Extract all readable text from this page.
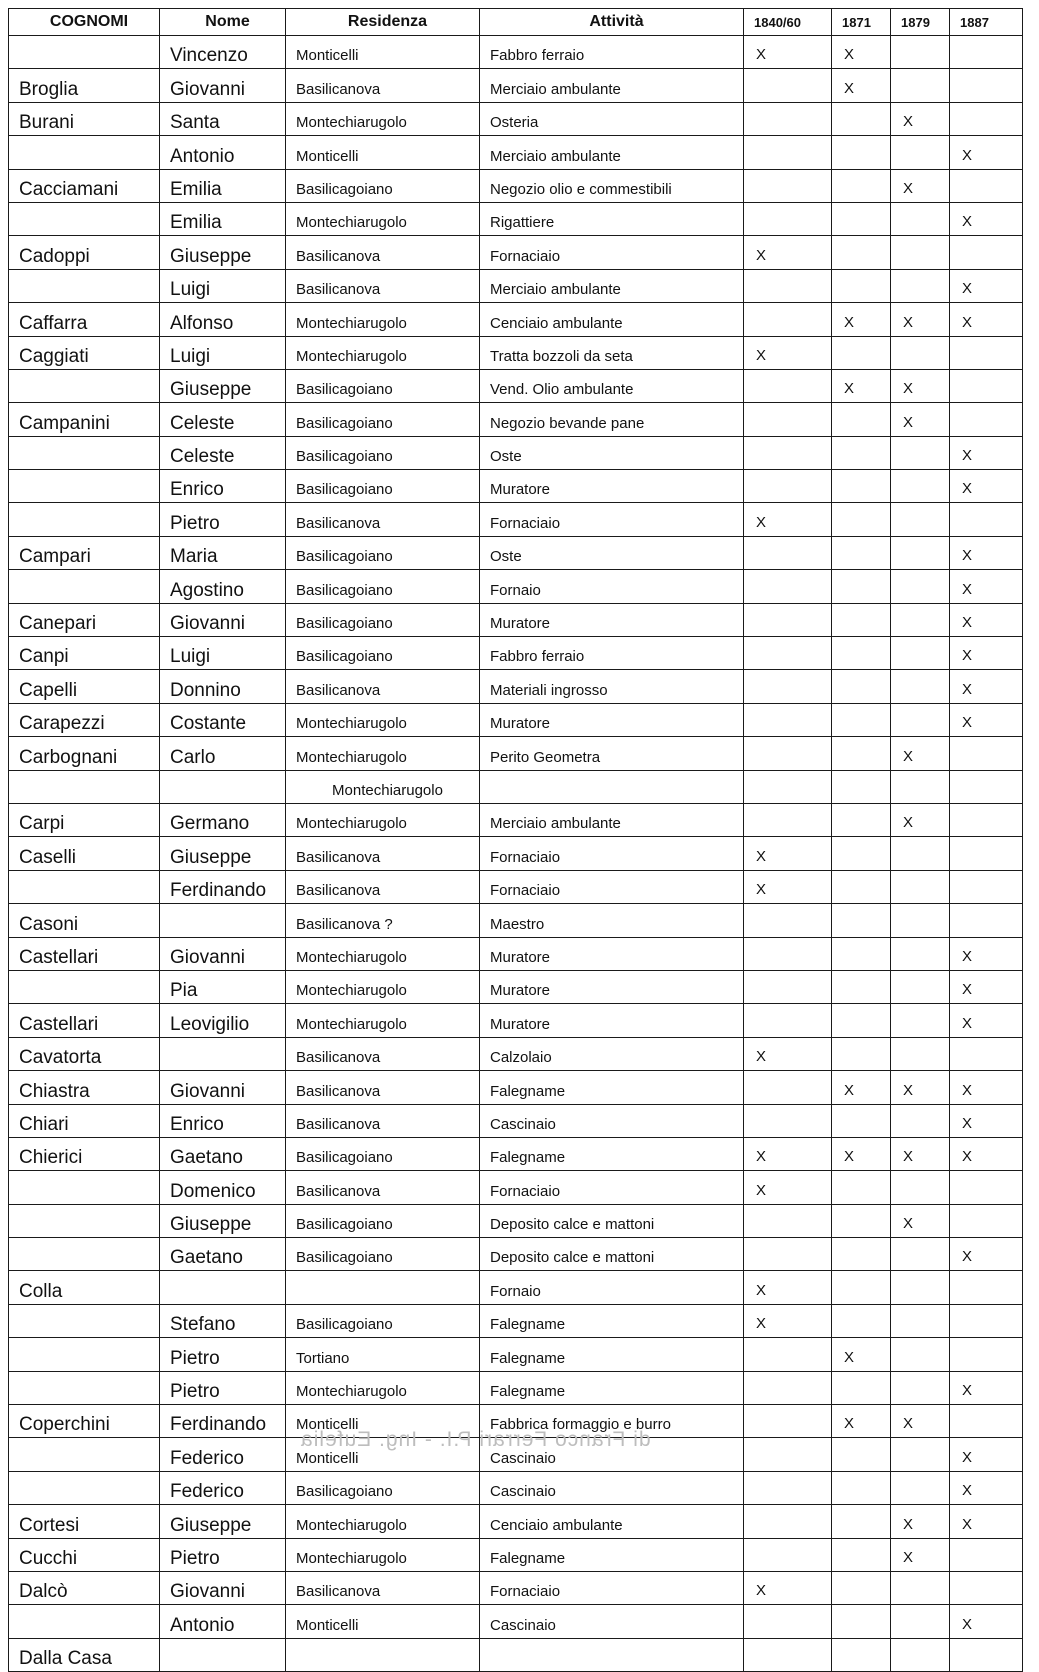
COGNOMI	Nome	Residenza	Attività	1840/60	1871	1879	1887
	Vincenzo	Monticelli	Fabbro ferraio	X	X		
Broglia	Giovanni	Basilicanova	Merciaio ambulante		X		
Burani	Santa	Montechiarugolo	Osteria			X	
	Antonio	Monticelli	Merciaio ambulante				X
Cacciamani	Emilia	Basilicagoiano	Negozio olio e commestibili			X	
	Emilia	Montechiarugolo	Rigattiere				X
Cadoppi	Giuseppe	Basilicanova	Fornaciaio	X			
	Luigi	Basilicanova	Merciaio ambulante				X
Caffarra	Alfonso	Montechiarugolo	Cenciaio ambulante		X	X	X
Caggiati	Luigi	Montechiarugolo	Tratta bozzoli da seta	X			
	Giuseppe	Basilicagoiano	Vend. Olio ambulante		X	X	
Campanini	Celeste	Basilicagoiano	Negozio bevande pane			X	
	Celeste	Basilicagoiano	Oste				X
	Enrico	Basilicagoiano	Muratore				X
	Pietro	Basilicanova	Fornaciaio	X			
Campari	Maria	Basilicagoiano	Oste				X
	Agostino	Basilicagoiano	Fornaio				X
Canepari	Giovanni	Basilicagoiano	Muratore				X
Canpi	Luigi	Basilicagoiano	Fabbro ferraio				X
Capelli	Donnino	Basilicanova	Materiali ingrosso				X
Carapezzi	Costante	Montechiarugolo	Muratore				X
Carbognani	Carlo	Montechiarugolo	Perito Geometra			X	
		Montechiarugolo					
Carpi	Germano	Montechiarugolo	Merciaio ambulante			X	
Caselli	Giuseppe	Basilicanova	Fornaciaio	X			
	Ferdinando	Basilicanova	Fornaciaio	X			
Casoni		Basilicanova ?	Maestro				
Castellari	Giovanni	Montechiarugolo	Muratore				X
	Pia	Montechiarugolo	Muratore				X
Castellari	Leovigilio	Montechiarugolo	Muratore				X
Cavatorta		Basilicanova	Calzolaio	X			
Chiastra	Giovanni	Basilicanova	Falegname		X	X	X
Chiari	Enrico	Basilicanova	Cascinaio				X
Chierici	Gaetano	Basilicagoiano	Falegname	X	X	X	X
	Domenico	Basilicanova	Fornaciaio	X			
	Giuseppe	Basilicagoiano	Deposito calce e mattoni			X	
	Gaetano	Basilicagoiano	Deposito calce e mattoni				X
Colla			Fornaio	X			
	Stefano	Basilicagoiano	Falegname	X			
	Pietro	Tortiano	Falegname		X		
	Pietro	Montechiarugolo	Falegname				X
Coperchini	Ferdinando	Monticelli	Fabbrica formaggio e burro		X	X	
	Federico	Monticelli	Cascinaio				X
	Federico	Basilicagoiano	Cascinaio				X
Cortesi	Giuseppe	Montechiarugolo	Cenciaio ambulante			X	X
Cucchi	Pietro	Montechiarugolo	Falegname			X	
Dalcò	Giovanni	Basilicanova	Fornaciaio	X			
	Antonio	Monticelli	Cascinaio				X
Dalla Casa							
di Franco Ferrari P.I. - Ing. Eufelia
